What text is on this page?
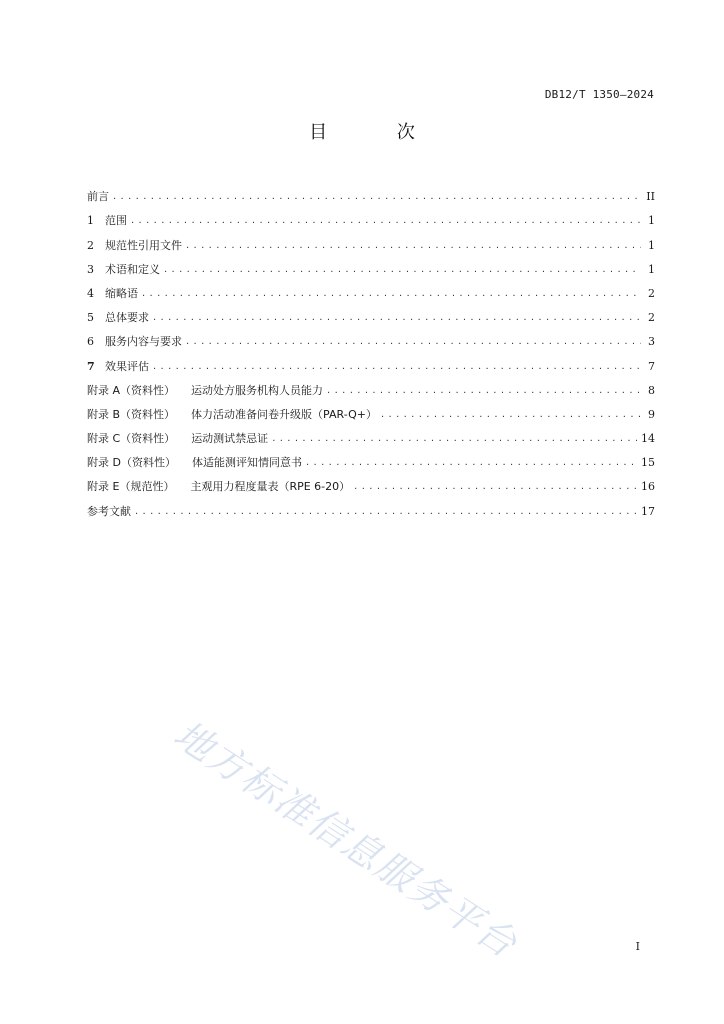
DB12/T 1350—2024
目 次
前言 . . .	II
1 范围 . . .	1
2 规范性引用文件 . . .	1
3 术语和定义 . . .	1
4 缩略语 . . .	2
5 总体要求 . . .	2
6 服务内容与要求 . . .	3
7 效果评估 . . .	7
附录 A（资料性） 运动处方服务机构人员能力 . . .	8
附录 B（资料性） 体力活动准备问卷升级版（PAR-Q+） . . .	9
附录 C（资料性） 运动测试禁忌证 . . .	14
附录 D（资料性） 体适能测评知情同意书 . . .	15
附录 E（规范性） 主观用力程度量表（RPE 6-20） . . .	16
参考文献 . . .	17
地方标准信息服务平台	I
